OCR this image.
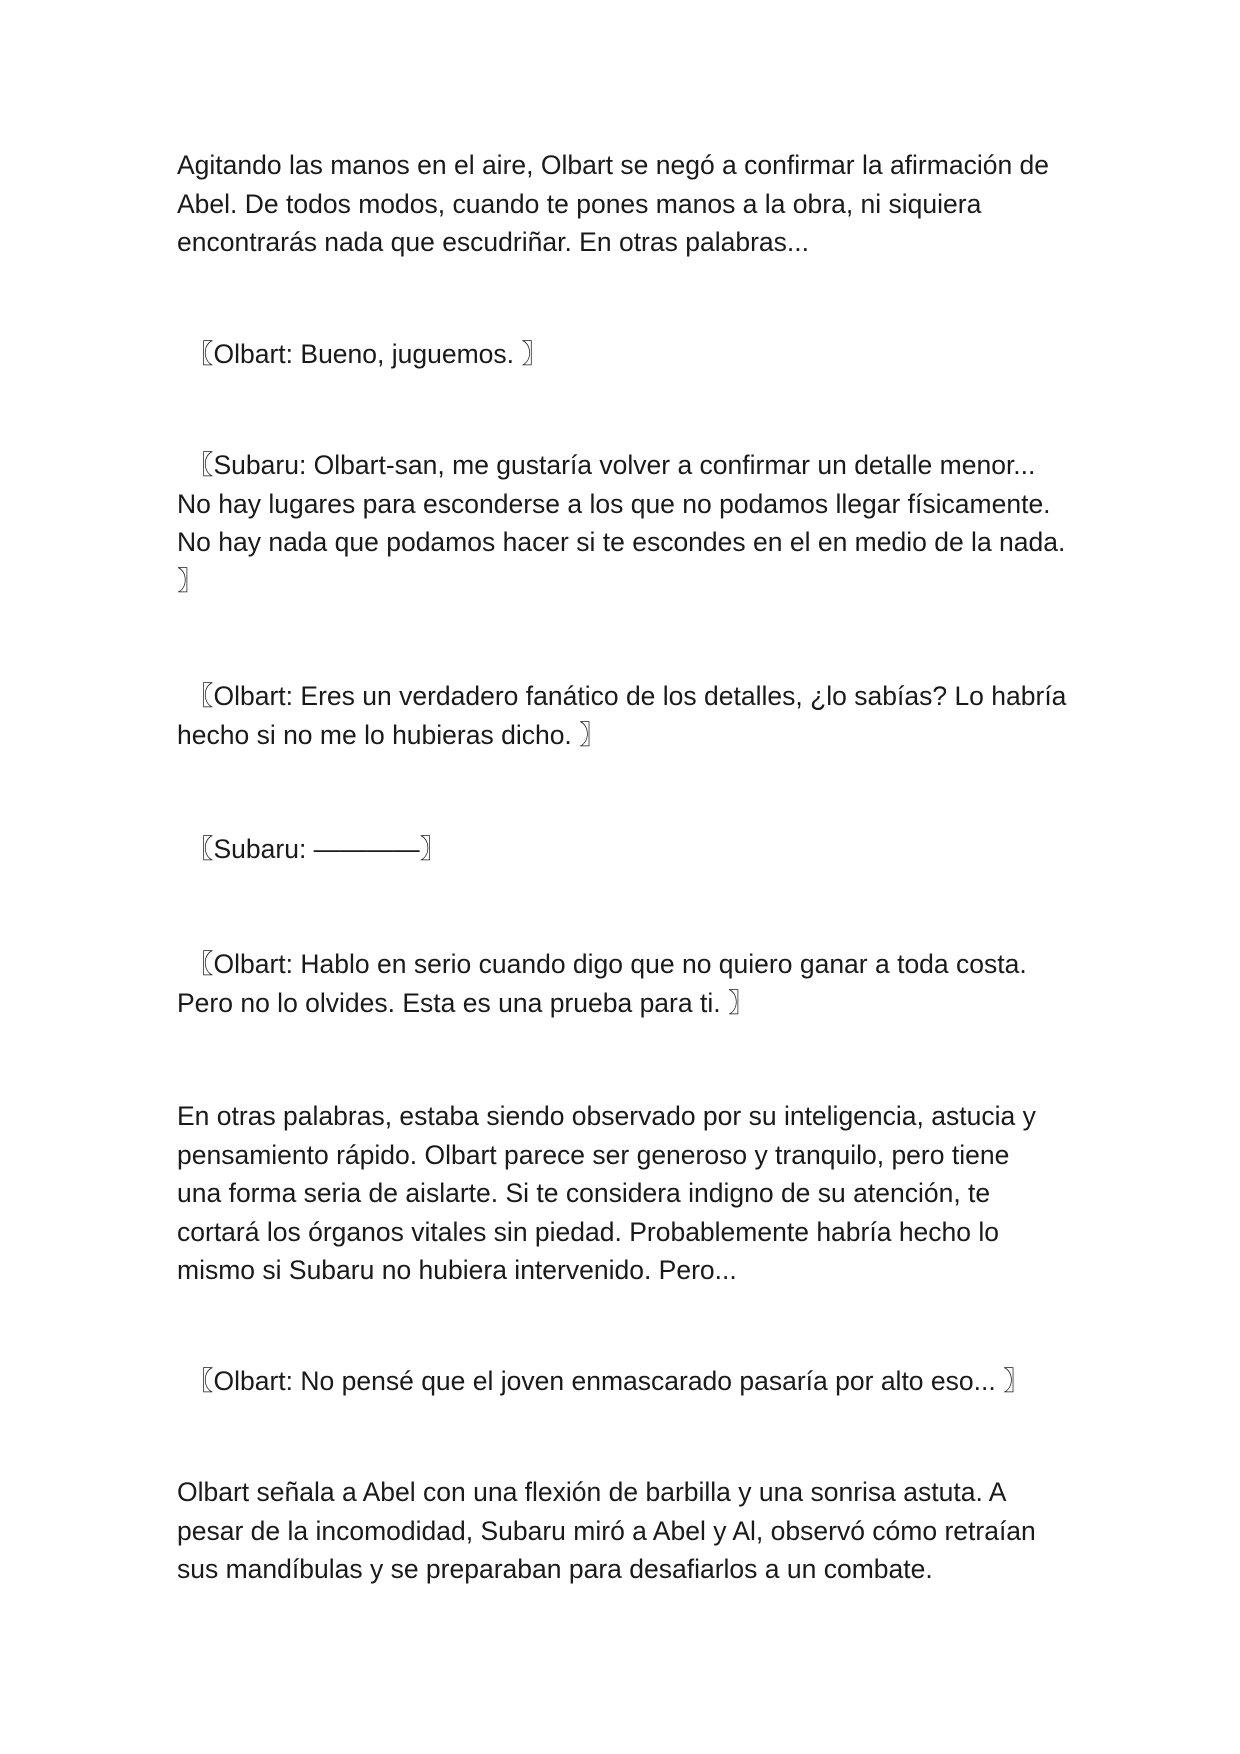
Agitando las manos en el aire, Olbart se negó a confirmar la afirmación de
Abel. De todos modos, cuando te pones manos a la obra, ni siquiera
encontrarás nada que escudriñar. En otras palabras...
〖Olbart: Bueno, juguemos. 〗
〖Subaru: Olbart-san, me gustaría volver a confirmar un detalle menor...
No hay lugares para esconderse a los que no podamos llegar físicamente.
No hay nada que podamos hacer si te escondes en el en medio de la nada.
〗
〖Olbart: Eres un verdadero fanático de los detalles, ¿lo sabías? Lo habría
hecho si no me lo hubieras dicho. 〗
〖Subaru: ————〗
〖Olbart: Hablo en serio cuando digo que no quiero ganar a toda costa.
Pero no lo olvides. Esta es una prueba para ti. 〗
En otras palabras, estaba siendo observado por su inteligencia, astucia y
pensamiento rápido. Olbart parece ser generoso y tranquilo, pero tiene
una forma seria de aislarte. Si te considera indigno de su atención, te
cortará los órganos vitales sin piedad. Probablemente habría hecho lo
mismo si Subaru no hubiera intervenido. Pero...
〖Olbart: No pensé que el joven enmascarado pasaría por alto eso... 〗
Olbart señala a Abel con una flexión de barbilla y una sonrisa astuta. A
pesar de la incomodidad, Subaru miró a Abel y Al, observó cómo retraían
sus mandíbulas y se preparaban para desafiarlos a un combate.
